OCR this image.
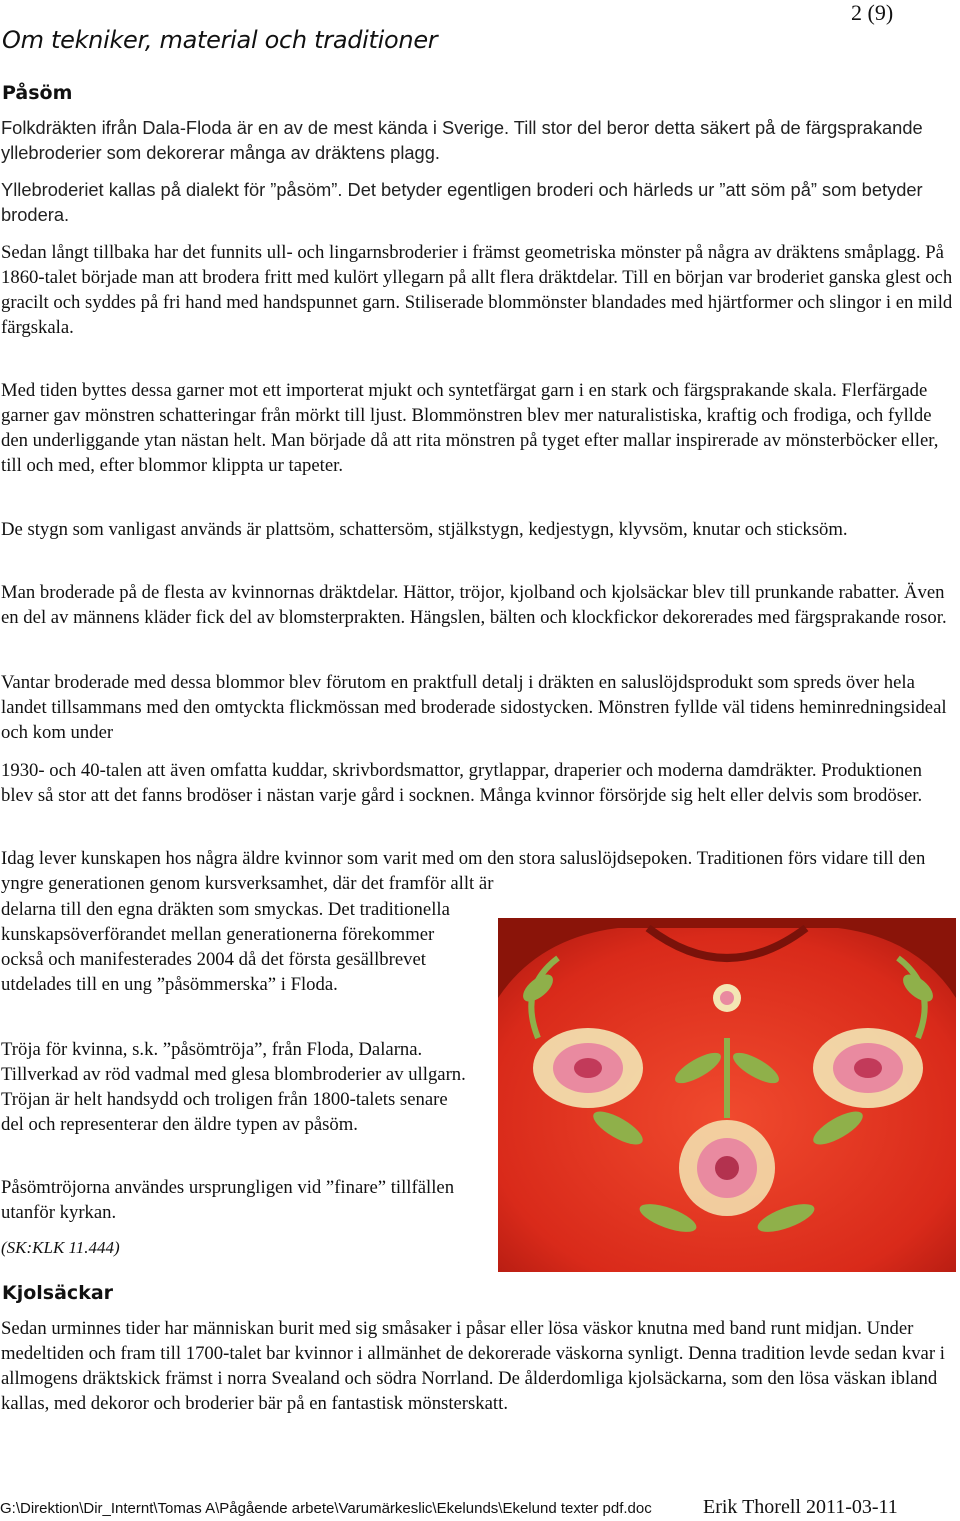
2 (9)
Om tekniker, material och traditioner
Påsöm

Folkdräkten ifrån Dala-Floda är en av de mest kända i Sverige. Till stor del beror detta säkert på de färgsprakande yllebroderier som dekorerar många av dräktens plagg.

Yllebroderiet kallas på dialekt för ”påsöm”. Det betyder egentligen broderi och härleds ur ”att söm på” som betyder brodera.

Sedan långt tillbaka har det funnits ull- och lingarnsbroderier i främst geometriska mönster på några av dräktens småplagg. På 1860-talet började man att brodera fritt med kulört yllegarn på allt flera dräktdelar. Till en början var broderiet ganska glest och gracilt och syddes på fri hand med handspunnet garn. Stiliserade blommönster blandades med hjärtformer och slingor i en mild färgskala.

Med tiden byttes dessa garner mot ett importerat mjukt och syntetfärgat garn i en stark och färgsprakande skala. Flerfärgade garner gav mönstren schatteringar från mörkt till ljust. Blommönstren blev mer naturalistiska, kraftig och frodiga, och fyllde den underliggande ytan nästan helt. Man började då att rita mönstren på tyget efter mallar inspirerade av mönsterböcker eller, till och med, efter blommor klippta ur tapeter.

De stygn som vanligast används är plattsöm, schattersöm, stjälkstygn, kedjestygn, klyvsöm, knutar och sticksöm.

Man broderade på de flesta av kvinnornas dräktdelar. Hättor, tröjor, kjolband och kjolsäckar blev till prunkande rabatter. Även en del av männens kläder fick del av blomsterprakten. Hängslen, bälten och klockfickor dekorerades med färgsprakande rosor.

Vantar broderade med dessa blommor blev förutom en praktfull detalj i dräkten en saluslöjdsprodukt som spreds över hela landet tillsammans med den omtyckta flickmössan med broderade sidostycken. Mönstren fyllde väl tidens heminredningsideal och kom under

1930- och 40-talen att även omfatta kuddar, skrivbordsmattor, grytlappar, draperier och moderna damdräkter. Produktionen blev så stor att det fanns brodöser i nästan varje gård i socknen. Många kvinnor försörjde sig helt eller delvis som brodöser.

Idag lever kunskapen hos några äldre kvinnor som varit med om den stora saluslöjdsepoken. Traditionen förs vidare till den yngre generationen genom kursverksamhet, där det framför allt är

delarna till den egna dräkten som smyckas. Det traditionella kunskapsöverförandet mellan generationerna förekommer också och manifesterades 2004 då det första gesällbrevet utdelades till en ung ”påsömmerska” i Floda.

Tröja för kvinna, s.k. ”påsömtröja”, från Floda, Dalarna. Tillverkad av röd vadmal med glesa blombroderier av ullgarn. Tröjan är helt handsydd och troligen från 1800-talets senare del och representerar den äldre typen av påsöm.

Påsömtröjorna användes ursprungligen vid ”finare” tillfällen utanför kyrkan.

(SK:KLK 11.444)
Kjolsäckar

Sedan urminnes tider har människan burit med sig småsaker i påsar eller lösa väskor knutna med band runt midjan. Under medeltiden och fram till 1700-talet bar kvinnor i allmänhet de dekorerade väskorna synligt. Denna tradition levde sedan kvar i allmogens dräktskick främst i norra Svealand och södra Norrland. De ålderdomliga kjolsäckarna, som den lösa väskan ibland kallas, med dekoror och broderier bär på en fantastisk mönsterskatt.

G:\Direktion\Dir_Internt\Tomas A\Pågående arbete\Varumärkeslic\Ekelunds\Ekelund texter pdf.doc	Erik Thorell 2011-03-11
